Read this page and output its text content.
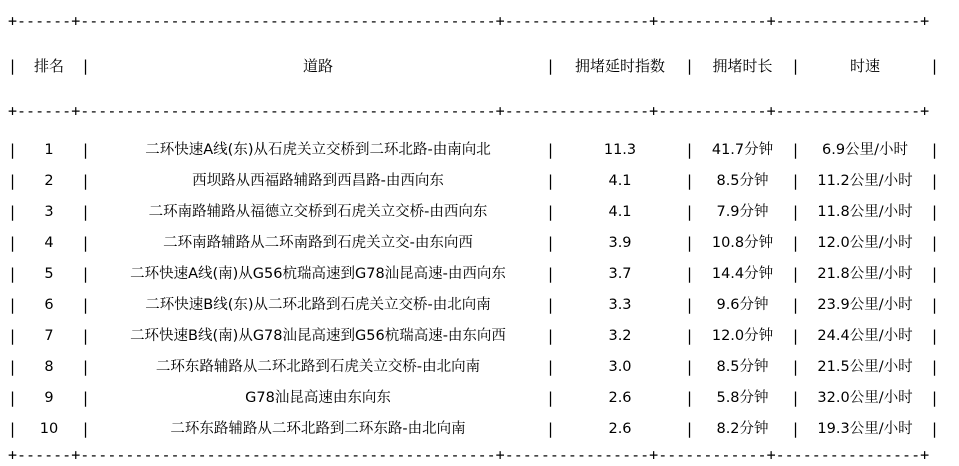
+------+----------------------------------------------+----------------+------------+----------------+
|	排名	|	道路	|	拥堵延时指数	|	拥堵时长	|	时速	|
+------+----------------------------------------------+----------------+------------+----------------+
|	1	|	二环快速A线(东)从石虎关立交桥到二环北路-由南向北	|	11.3	|	41.7分钟	|	6.9公里/小时	|
|	2	|	西坝路从西福路辅路到西昌路-由西向东	|	4.1	|	8.5分钟	|	11.2公里/小时	|
|	3	|	二环南路辅路从福德立交桥到石虎关立交桥-由西向东	|	4.1	|	7.9分钟	|	11.8公里/小时	|
|	4	|	二环南路辅路从二环南路到石虎关立交-由东向西	|	3.9	|	10.8分钟	|	12.0公里/小时	|
|	5	|	二环快速A线(南)从G56杭瑞高速到G78汕昆高速-由西向东	|	3.7	|	14.4分钟	|	21.8公里/小时	|
|	6	|	二环快速B线(东)从二环北路到石虎关立交桥-由北向南	|	3.3	|	9.6分钟	|	23.9公里/小时	|
|	7	|	二环快速B线(南)从G78汕昆高速到G56杭瑞高速-由东向西	|	3.2	|	12.0分钟	|	24.4公里/小时	|
|	8	|	二环东路辅路从二环北路到石虎关立交桥-由北向南	|	3.0	|	8.5分钟	|	21.5公里/小时	|
|	9	|	G78汕昆高速由东向东	|	2.6	|	5.8分钟	|	32.0公里/小时	|
|	10	|	二环东路辅路从二环北路到二环东路-由北向南	|	2.6	|	8.2分钟	|	19.3公里/小时	|
+------+----------------------------------------------+----------------+------------+----------------+
